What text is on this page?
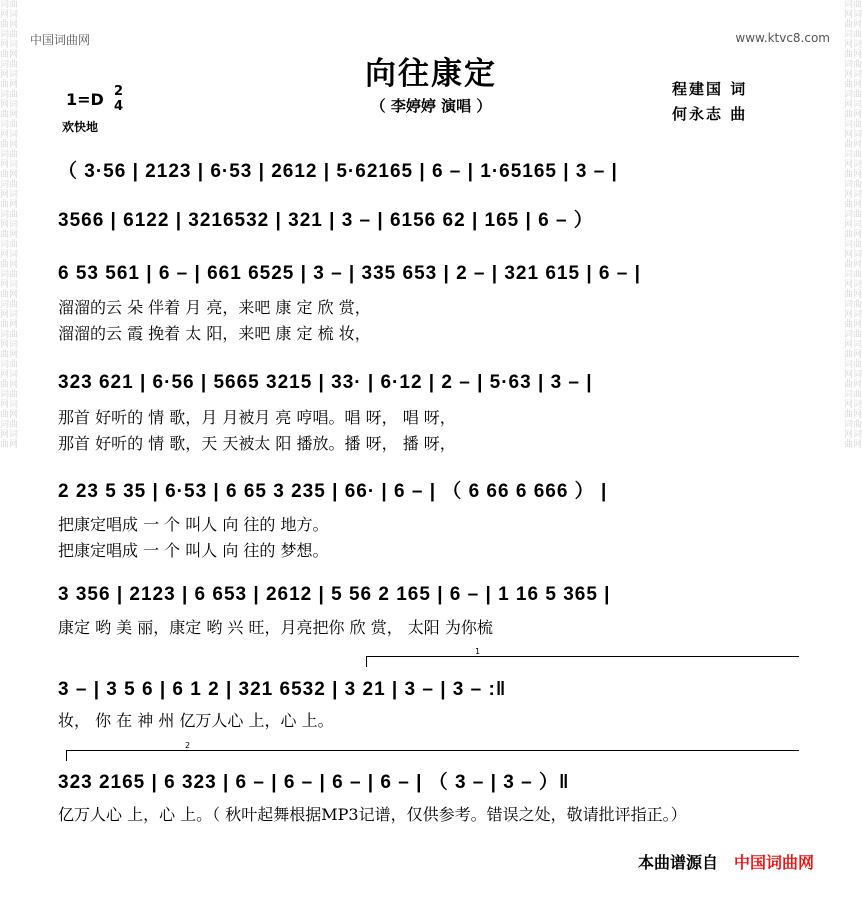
词曲网词曲网词曲网词曲网词曲网词曲网词曲网词曲网词曲网词曲网词曲网词曲网词曲网词曲网词曲网词曲网词曲网词曲网词曲网词曲网词曲网词曲网词曲网词曲网词曲网词曲网词曲网词曲网词曲网词曲网
词曲网词曲网词曲网词曲网词曲网词曲网词曲网词曲网词曲网词曲网词曲网词曲网词曲网词曲网词曲网词曲网词曲网词曲网词曲网词曲网词曲网词曲网词曲网词曲网词曲网词曲网词曲网词曲网词曲网词曲网
中国词曲网	www.ktvc8.com
向往康定
（ 李婷婷 演唱 ）
1=D 2
4
欢快地
程建国 词
何永志 曲
（ 3·56 | 2123 | 6·53 | 2612 | 5·62165 | 6 – | 1·65165 | 3 – |
3566 | 6122 | 3216532 | 321 | 3 – | 6156 62 | 165 | 6 – ）
6 53 561 | 6 – | 661 6525 | 3 – | 335 653 | 2 – | 321 615 | 6 – |
溜溜的云 朵 伴着 月 亮，来吧 康 定 欣 赏，
溜溜的云 霞 挽着 太 阳，来吧 康 定 梳 妆，
323 621 | 6·56 | 5665 3215 | 33· | 6·12 | 2 – | 5·63 | 3 – |
那首 好听的 情 歌，月 月被月 亮 哼唱。唱 呀， 唱 呀，
那首 好听的 情 歌，天 天被太 阳 播放。播 呀， 播 呀，
2 23 5 35 | 6·53 | 6 65 3 235 | 66· | 6 – | （ 6 66 6 666 ） |
把康定唱成 一 个 叫人 向 往的 地方。
把康定唱成 一 个 叫人 向 往的 梦想。
3 356 | 2123 | 6 653 | 2612 | 5 56 2 165 | 6 – | 1 16 5 365 |
康定 哟 美 丽，康定 哟 兴 旺，月亮把你 欣 赏， 太阳 为你梳
1
3 – | 3 5 6 | 6 1 2 | 321 6532 | 3 21 | 3 – | 3 – :‖
妆， 你 在 神 州 亿万人心 上，心 上。
2
323 2165 | 6 323 | 6 – | 6 – | 6 – | 6 – | （ 3 – | 3 – ）‖
亿万人心 上，心 上。（ 秋叶起舞根据MP3记谱，仅供参考。错误之处，敬请批评指正。）
本曲谱源自 中国词曲网
